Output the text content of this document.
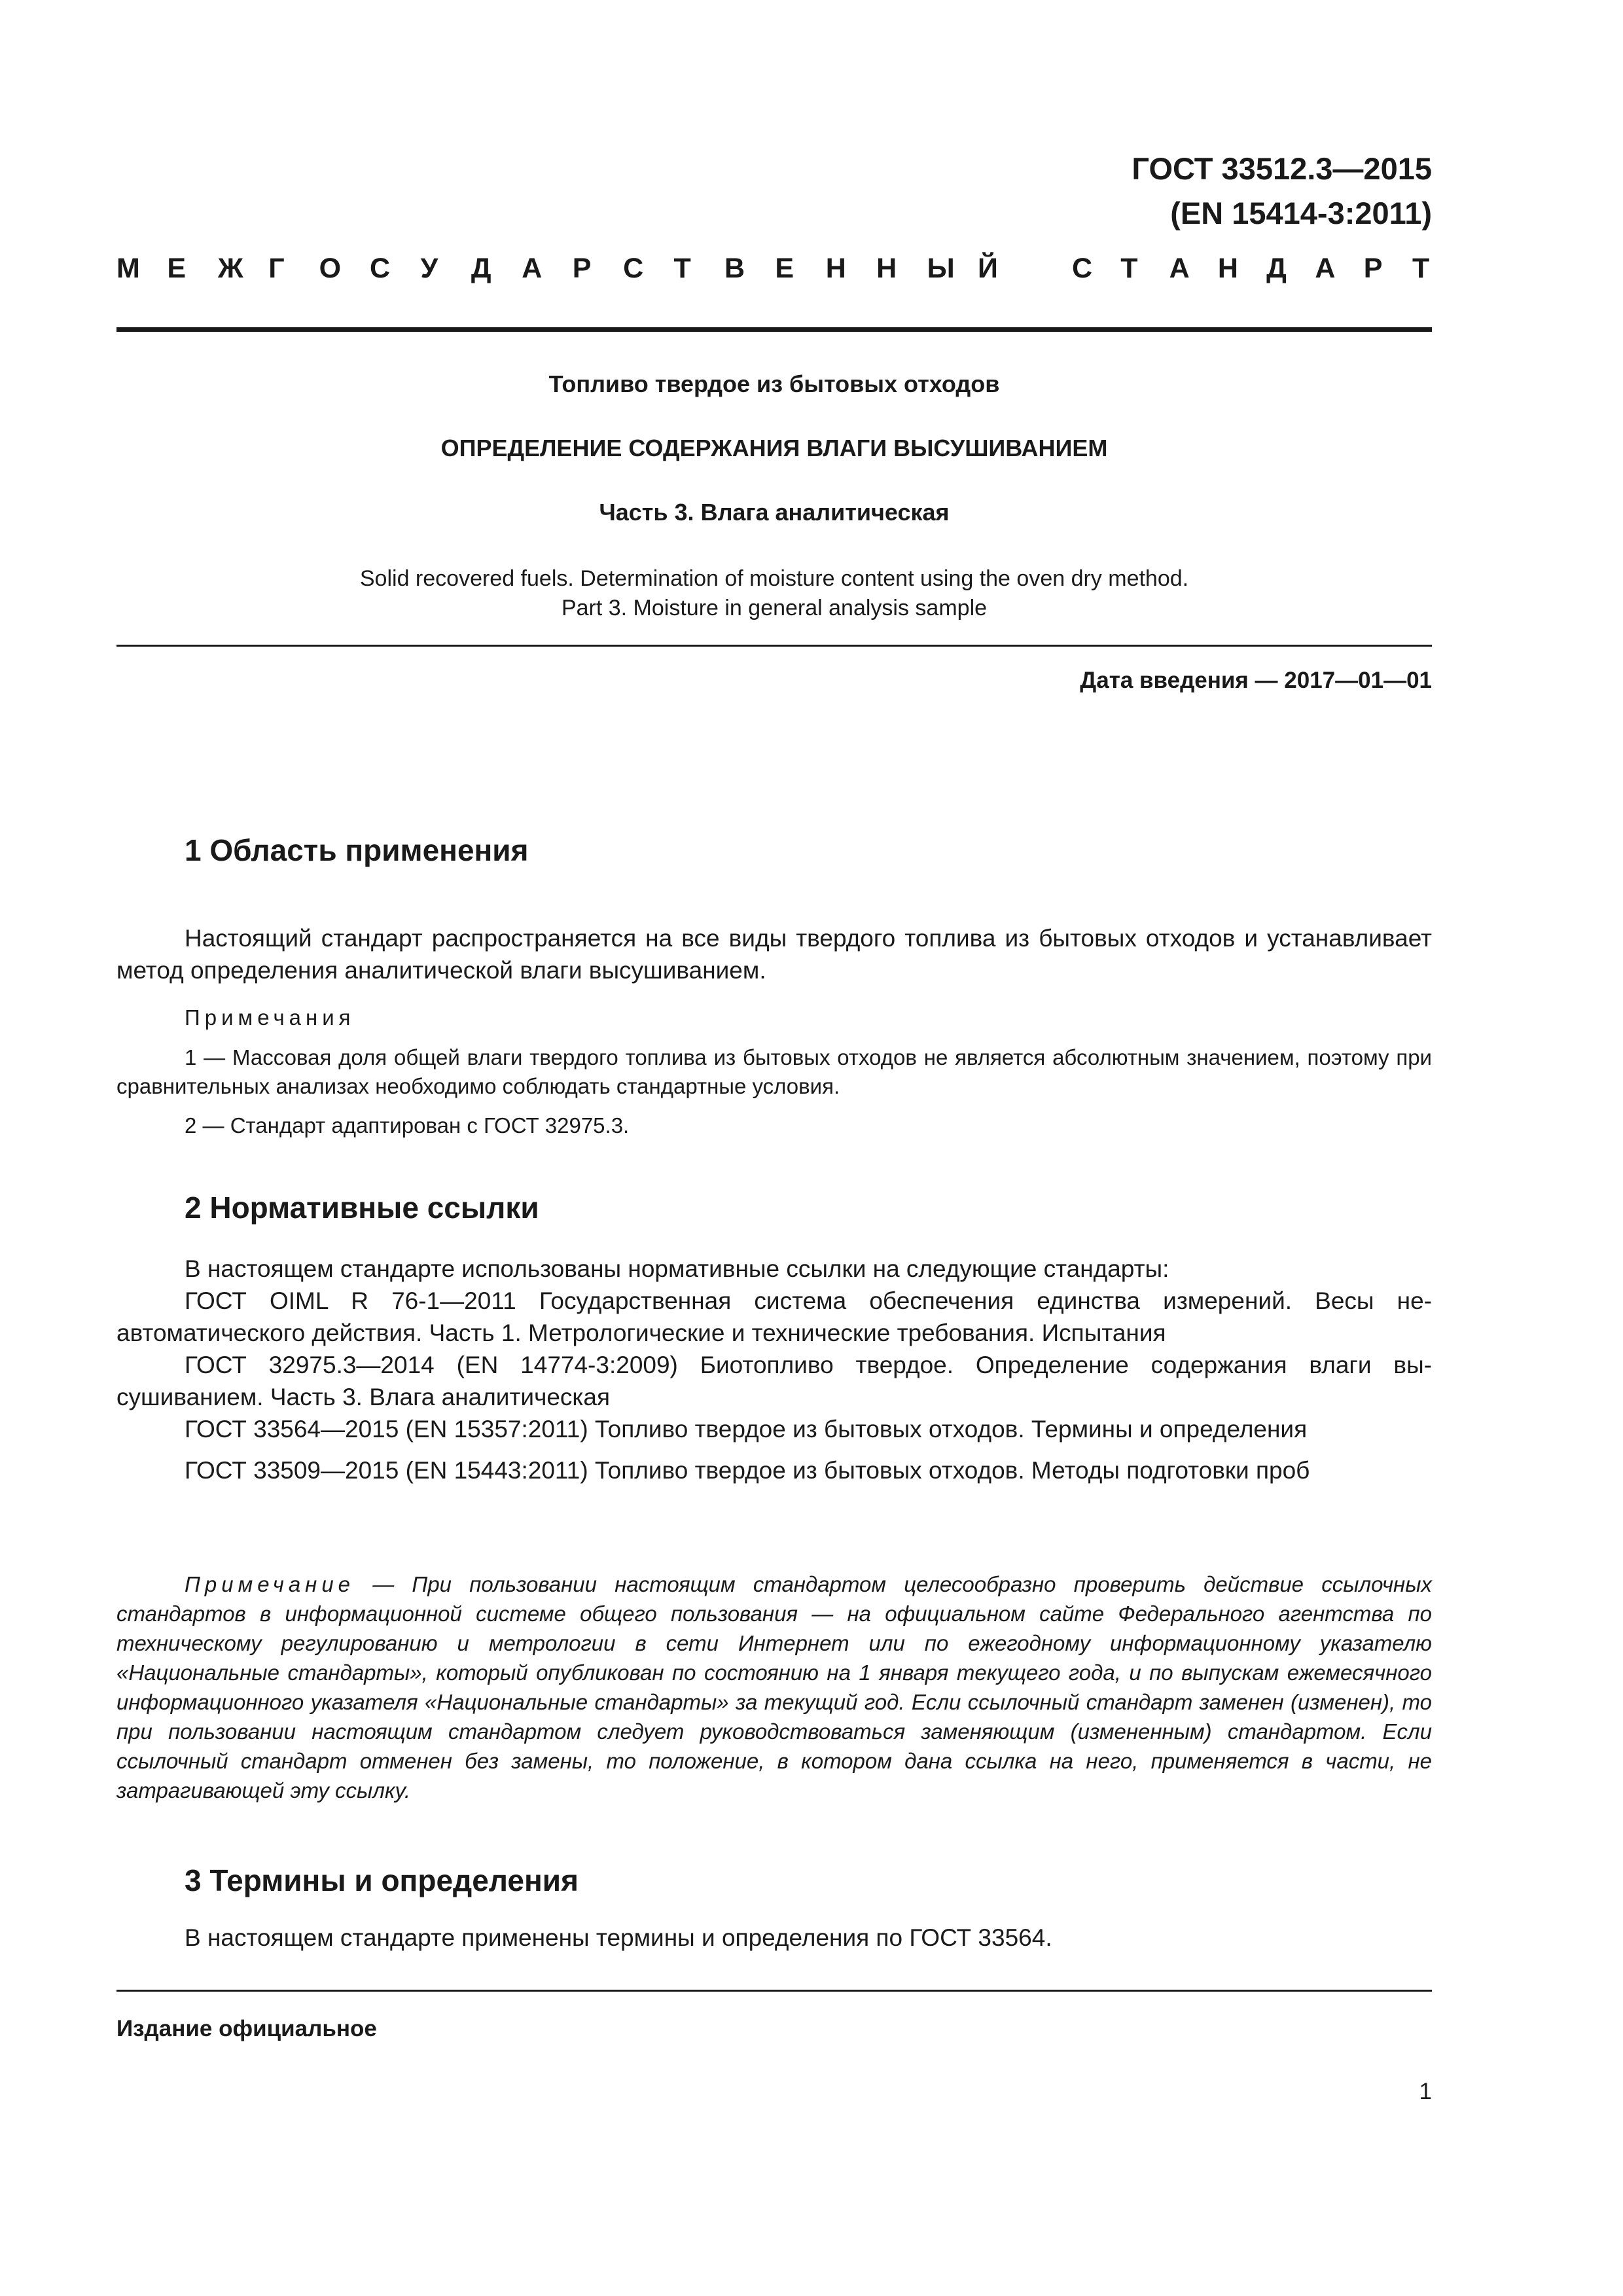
ГОСТ 33512.3—2015
(EN 15414-3:2011)
М Е Ж Г О С У Д А Р С Т В Е Н Н Ы Й	С Т А Н Д А Р Т
Топливо твердое из бытовых отходов
ОПРЕДЕЛЕНИЕ СОДЕРЖАНИЯ ВЛАГИ ВЫСУШИВАНИЕМ
Часть 3. Влага аналитическая
Solid recovered fuels. Determination of moisture content using the oven dry method.
Part 3. Moisture in general analysis sample
Дата введения — 2017—01—01
1 Область применения

Настоящий стандарт распространяется на все виды твердого топлива из бытовых отходов и устанавливает метод определения аналитической влаги высушиванием.

Примечания

1 — Массовая доля общей влаги твердого топлива из бытовых отходов не является абсолютным значением, поэтому при сравнительных анализах необходимо соблюдать стандартные условия.

2 — Стандарт адаптирован с ГОСТ 32975.3.

2 Нормативные ссылки

В настоящем стандарте использованы нормативные ссылки на следующие стандарты:

ГОСТ OIML R 76-1—2011 Государственная система обеспечения единства измерений. Весы неавтоматического действия. Часть 1. Метрологические и технические требования. Испытания

ГОСТ 32975.3—2014 (EN 14774-3:2009) Биотопливо твердое. Определение содержания влаги высушиванием. Часть 3. Влага аналитическая

ГОСТ 33564—2015 (EN 15357:2011) Топливо твердое из бытовых отходов. Термины и определения

ГОСТ 33509—2015 (EN 15443:2011) Топливо твердое из бытовых отходов. Методы подготовки проб

Примечание — При пользовании настоящим стандартом целесообразно проверить действие ссылочных стандартов в информационной системе общего пользования — на официальном сайте Федерального агентства по техническому регулированию и метрологии в сети Интернет или по ежегодному информационному указателю «Национальные стандарты», который опубликован по состоянию на 1 января текущего года, и по выпускам ежемесячного информационного указателя «Национальные стандарты» за текущий год. Если ссылочный стандарт заменен (изменен), то при пользовании настоящим стандартом следует руководствоваться заменяющим (измененным) стандартом. Если ссылочный стандарт отменен без замены, то положение, в котором дана ссылка на него, применяется в части, не затрагивающей эту ссылку.

3 Термины и определения

В настоящем стандарте применены термины и определения по ГОСТ 33564.

Издание официальное
1
